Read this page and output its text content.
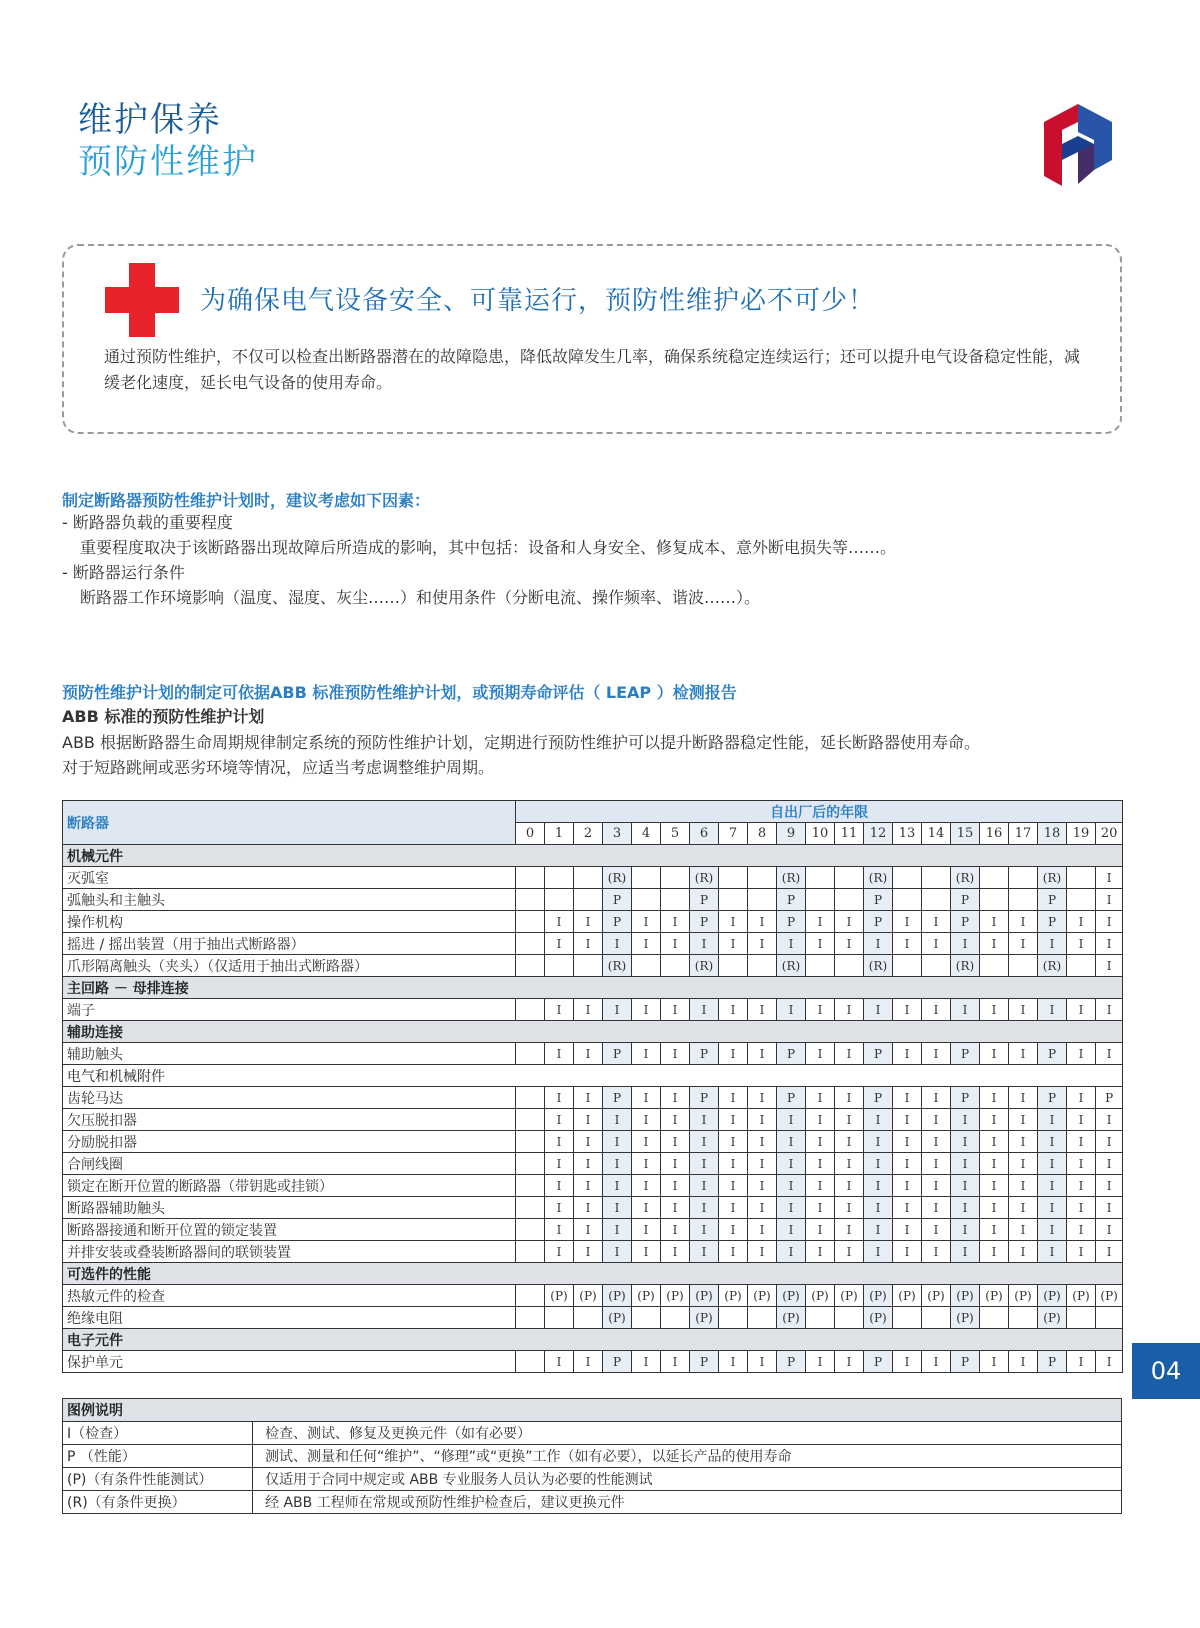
维护保养
预防性维护
为确保电气设备安全、可靠运行，预防性维护必不可少！
通过预防性维护，不仅可以检查出断路器潜在的故障隐患，降低故障发生几率，确保系统稳定连续运行；还可以提升电气设备稳定性能，减缓老化速度，延长电气设备的使用寿命。
制定断路器预防性维护计划时，建议考虑如下因素：
- 断路器负载的重要程度
重要程度取决于该断路器出现故障后所造成的影响，其中包括：设备和人身安全、修复成本、意外断电损失等……。
- 断路器运行条件
断路器工作环境影响（温度、湿度、灰尘……）和使用条件（分断电流、操作频率、谐波……）。
预防性维护计划的制定可依据ABB 标准预防性维护计划，或预期寿命评估（ LEAP ）检测报告
ABB 标准的预防性维护计划
ABB 根据断路器生命周期规律制定系统的预防性维护计划，定期进行预防性维护可以提升断路器稳定性能，延长断路器使用寿命。
对于短路跳闸或恶劣环境等情况，应适当考虑调整维护周期。
断路器	自出厂后的年限																				
	0	1	2	3	4	5	6	7	8	9	10	11	12	13	14	15	16	17	18	19	20
机械元件																					
灭弧室				(R)			(R)			(R)			(R)			(R)			(R)		I
弧触头和主触头				P			P			P			P			P			P		I
操作机构		I	I	P	I	I	P	I	I	P	I	I	P	I	I	P	I	I	P	I	I
摇进 / 摇出装置（用于抽出式断路器）		I	I	I	I	I	I	I	I	I	I	I	I	I	I	I	I	I	I	I	I
爪形隔离触头（夹头）（仅适用于抽出式断路器）				(R)			(R)			(R)			(R)			(R)			(R)		I
主回路 － 母排连接																					
端子		I	I	I	I	I	I	I	I	I	I	I	I	I	I	I	I	I	I	I	I
辅助连接																					
辅助触头		I	I	P	I	I	P	I	I	P	I	I	P	I	I	P	I	I	P	I	I
电气和机械附件																					
齿轮马达		I	I	P	I	I	P	I	I	P	I	I	P	I	I	P	I	I	P	I	P
欠压脱扣器		I	I	I	I	I	I	I	I	I	I	I	I	I	I	I	I	I	I	I	I
分励脱扣器		I	I	I	I	I	I	I	I	I	I	I	I	I	I	I	I	I	I	I	I
合闸线圈		I	I	I	I	I	I	I	I	I	I	I	I	I	I	I	I	I	I	I	I
锁定在断开位置的断路器（带钥匙或挂锁）		I	I	I	I	I	I	I	I	I	I	I	I	I	I	I	I	I	I	I	I
断路器辅助触头		I	I	I	I	I	I	I	I	I	I	I	I	I	I	I	I	I	I	I	I
断路器接通和断开位置的锁定装置		I	I	I	I	I	I	I	I	I	I	I	I	I	I	I	I	I	I	I	I
并排安装或叠装断路器间的联锁装置		I	I	I	I	I	I	I	I	I	I	I	I	I	I	I	I	I	I	I	I
可选件的性能																					
热敏元件的检查		(P)	(P)	(P)	(P)	(P)	(P)	(P)	(P)	(P)	(P)	(P)	(P)	(P)	(P)	(P)	(P)	(P)	(P)	(P)	(P)
绝缘电阻				(P)			(P)			(P)			(P)			(P)			(P)		
电子元件																					
保护单元		I	I	P	I	I	P	I	I	P	I	I	P	I	I	P	I	I	P	I	I
图例说明	
I（检查）	检查、测试、修复及更换元件（如有必要）
P （性能）	测试、测量和任何“维护”、“修理”或“更换”工作（如有必要），以延长产品的使用寿命
(P)（有条件性能测试）	仅适用于合同中规定或 ABB 专业服务人员认为必要的性能测试
(R)（有条件更换）	经 ABB 工程师在常规或预防性维护检查后，建议更换元件
04
